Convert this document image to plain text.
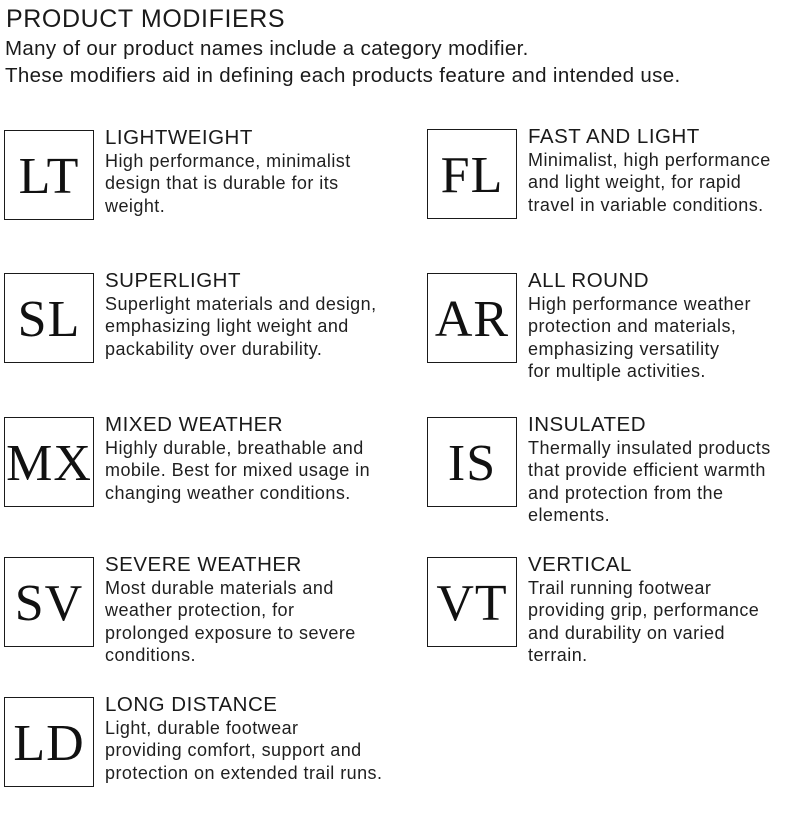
PRODUCT MODIFIERS
Many of our product names include a category modifier.
These modifiers aid in defining each products feature and intended use.
LT
LIGHTWEIGHT
High performance, minimalist
design that is durable for its
weight.
FL
FAST AND LIGHT
Minimalist, high performance
and light weight, for rapid
travel in variable conditions.
SL
SUPERLIGHT
Superlight materials and design,
emphasizing light weight and
packability over durability.
AR
ALL ROUND
High performance weather
protection and materials,
emphasizing versatility
for multiple activities.
MX
MIXED WEATHER
Highly durable, breathable and
mobile. Best for mixed usage in
changing weather conditions.
IS
INSULATED
Thermally insulated products
that provide efficient warmth
and protection from the
elements.
SV
SEVERE WEATHER
Most durable materials and
weather protection, for
prolonged exposure to severe
conditions.
VT
VERTICAL
Trail running footwear
providing grip, performance
and durability on varied
terrain.
LD
LONG DISTANCE
Light, durable footwear
providing comfort, support and
protection on extended trail runs.
